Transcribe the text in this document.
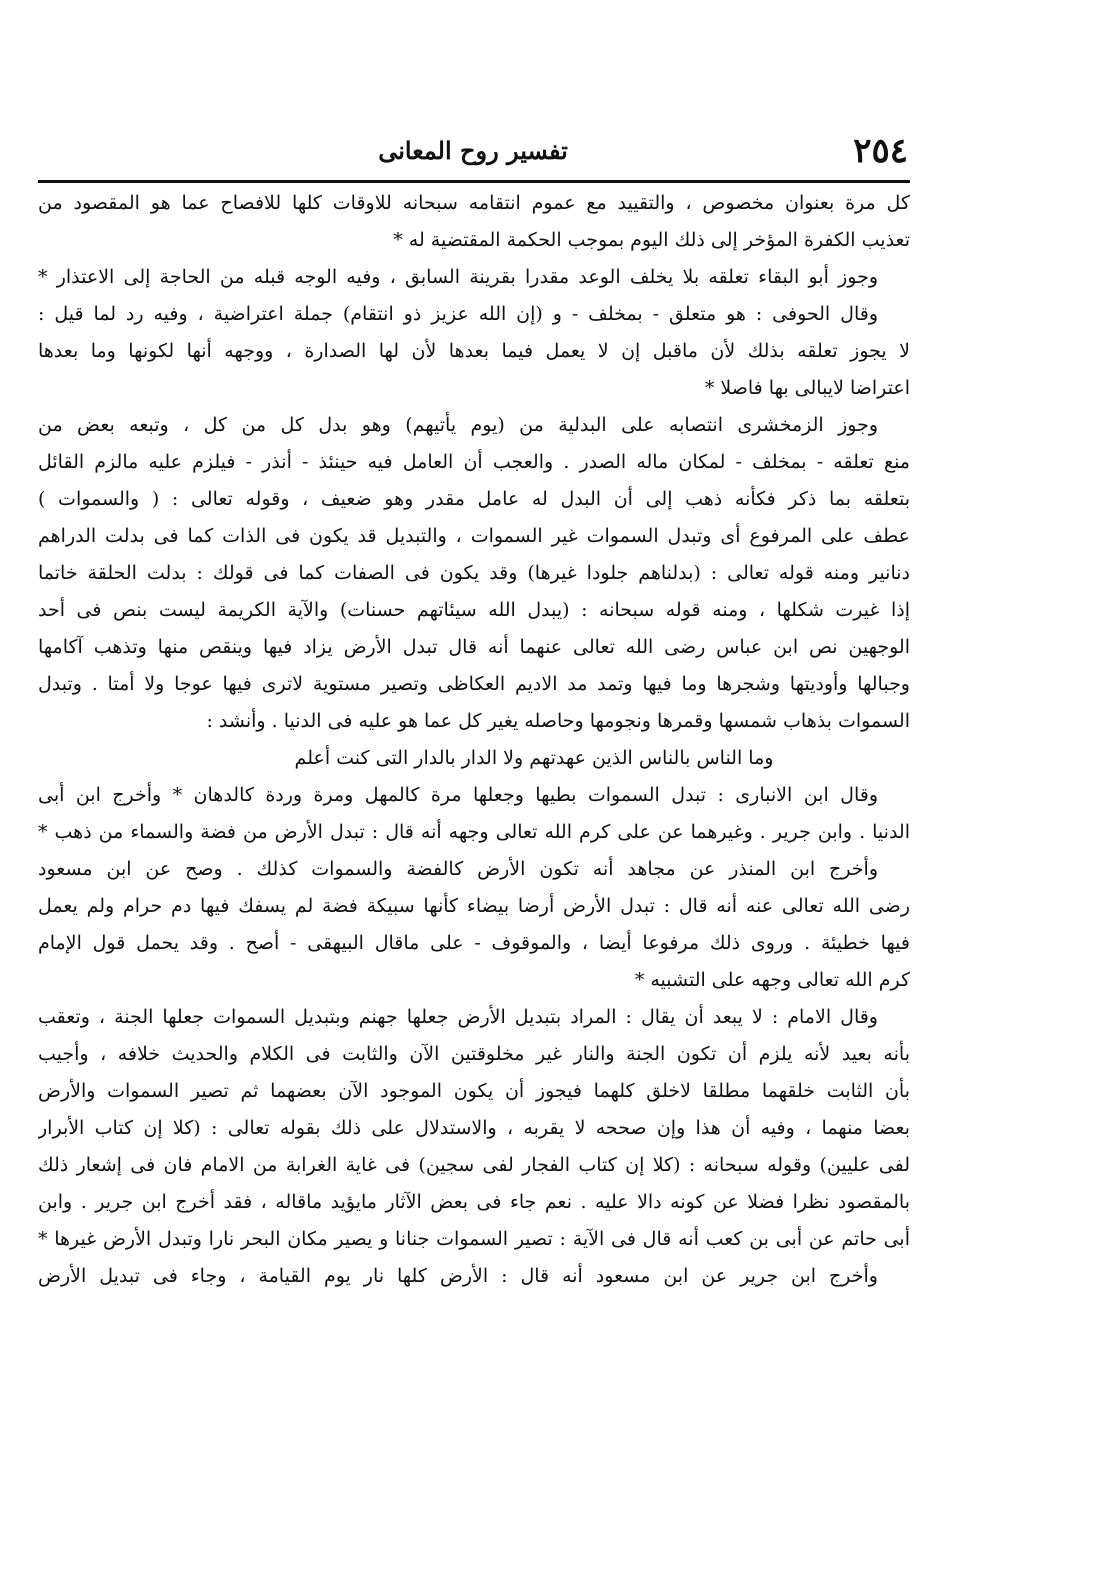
٢٥٤
تفسير روح المعانى
كل مرة بعنوان مخصوص ، والتقييد مع عموم انتقامه سبحانه للاوقات كلها للافصاح عما هو المقصود من
تعذيب الكفرة المؤخر إلى ذلك اليوم بموجب الحكمة المقتضية له *
وجوز أبو البقاء تعلقه بلا يخلف الوعد مقدرا بقرينة السابق ، وفيه الوجه قبله من الحاجة إلى الاعتذار *
وقال الحوفى : هو متعلق - بمخلف - و (إن الله عزيز ذو انتقام) جملة اعتراضية ، وفيه رد لما قيل :
لا يجوز تعلقه بذلك لأن ماقبل إن لا يعمل فيما بعدها لأن لها الصدارة ، ووجهه أنها لكونها وما بعدها
اعتراضا لايبالى بها فاصلا *
وجوز الزمخشرى انتصابه على البدلية من (يوم يأتيهم) وهو بدل كل من كل ، وتبعه بعض من
منع تعلقه - بمخلف - لمكان ماله الصدر . والعجب أن العامل فيه حينئذ - أنذر - فيلزم عليه مالزم القائل
بتعلقه بما ذكر فكأنه ذهب إلى أن البدل له عامل مقدر وهو ضعيف ، وقوله تعالى : ( والسموات )
عطف على المرفوع أى وتبدل السموات غير السموات ، والتبديل قد يكون فى الذات كما فى بدلت الدراهم
دنانير ومنه قوله تعالى : (بدلناهم جلودا غيرها) وقد يكون فى الصفات كما فى قولك : بدلت الحلقة خاتما
إذا غيرت شكلها ، ومنه قوله سبحانه : (يبدل الله سيئاتهم حسنات) والآية الكريمة ليست بنص فى أحد
الوجهين نص ابن عباس رضى الله تعالى عنهما أنه قال تبدل الأرض يزاد فيها وينقص منها وتذهب آكامها
وجبالها وأوديتها وشجرها وما فيها وتمد مد الاديم العكاظى وتصير مستوية لاترى فيها عوجا ولا أمتا . وتبدل
السموات بذهاب شمسها وقمرها ونجومها وحاصله يغير كل عما هو عليه فى الدنيا . وأنشد :
وما الناس بالناس الذين عهدتهم ولا الدار بالدار التى كنت أعلم
وقال ابن الانبارى : تبدل السموات بطيها وجعلها مرة كالمهل ومرة وردة كالدهان * وأخرج ابن أبى
الدنيا . وابن جرير . وغيرهما عن على كرم الله تعالى وجهه أنه قال : تبدل الأرض من فضة والسماء من ذهب *
وأخرج ابن المنذر عن مجاهد أنه تكون الأرض كالفضة والسموات كذلك . وصح عن ابن مسعود
رضى الله تعالى عنه أنه قال : تبدل الأرض أرضا بيضاء كأنها سبيكة فضة لم يسفك فيها دم حرام ولم يعمل
فيها خطيئة . وروى ذلك مرفوعا أيضا ، والموقوف - على ماقال البيهقى - أصح . وقد يحمل قول الإمام
كرم الله تعالى وجهه على التشبيه *
وقال الامام : لا يبعد أن يقال : المراد بتبديل الأرض جعلها جهنم وبتبديل السموات جعلها الجنة ، وتعقب
بأنه بعيد لأنه يلزم أن تكون الجنة والنار غير مخلوقتين الآن والثابت فى الكلام والحديث خلافه ، وأجيب
بأن الثابت خلقهما مطلقا لاخلق كلهما فيجوز أن يكون الموجود الآن بعضهما ثم تصير السموات والأرض
بعضا منهما ، وفيه أن هذا وإن صححه لا يقربه ، والاستدلال على ذلك بقوله تعالى : (كلا إن كتاب الأبرار
لفى عليين) وقوله سبحانه : (كلا إن كتاب الفجار لفى سجين) فى غاية الغرابة من الامام فان فى إشعار ذلك
بالمقصود نظرا فضلا عن كونه دالا عليه . نعم جاء فى بعض الآثار مايؤيد ماقاله ، فقد أخرج ابن جرير . وابن
أبى حاتم عن أبى بن كعب أنه قال فى الآية : تصير السموات جنانا و يصير مكان البحر نارا وتبدل الأرض غيرها *
وأخرج ابن جرير عن ابن مسعود أنه قال : الأرض كلها نار يوم القيامة ، وجاء فى تبديل الأرض
